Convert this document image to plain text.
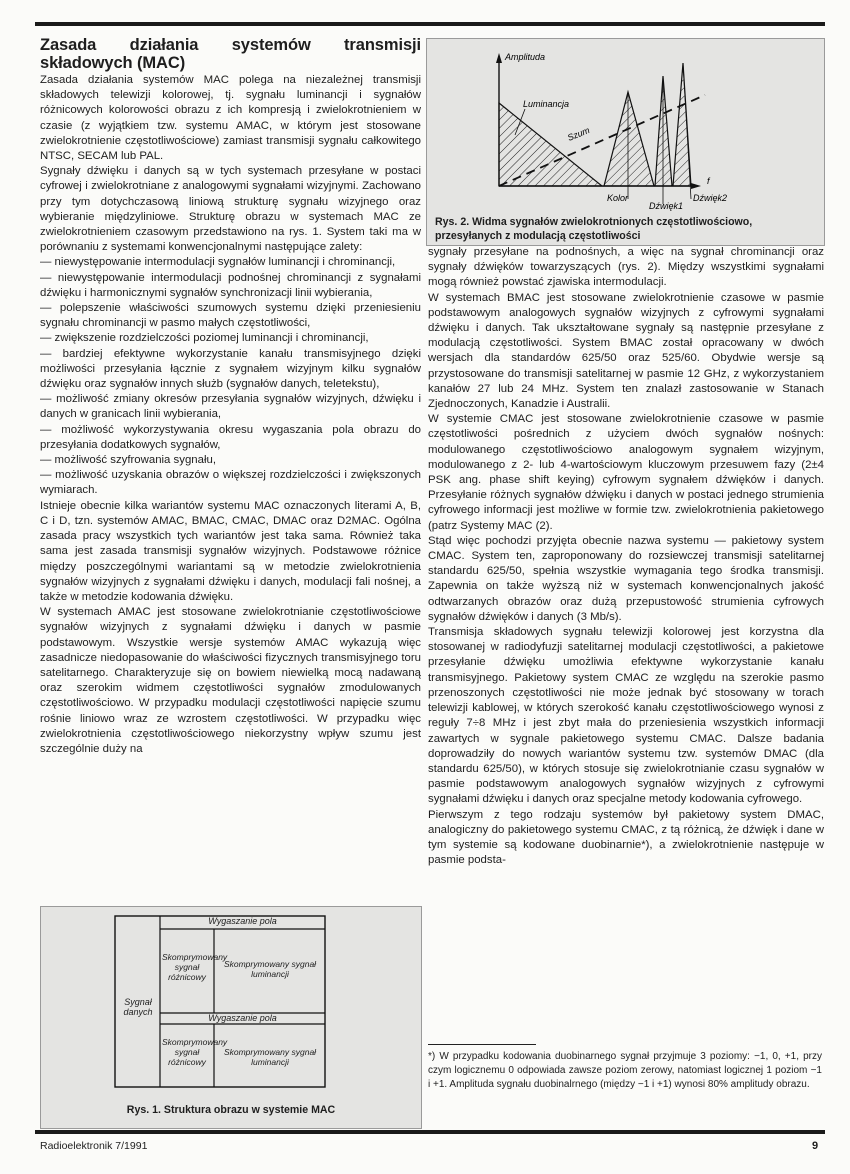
Zasada działania systemów transmisji składowych (MAC)

Zasada działania systemów MAC polega na niezależnej transmisji składowych telewizji kolorowej, tj. sygnału luminancji i sygnałów różnicowych kolorowości obrazu z ich kompresją i zwielokrotnieniem w czasie (z wyjątkiem tzw. systemu AMAC, w którym jest stosowane zwielokrotnienie częstotliwościowe) zamiast transmisji sygnału całkowitego NTSC, SECAM lub PAL.

Sygnały dźwięku i danych są w tych systemach przesyłane w postaci cyfrowej i zwielokrotniane z analogowymi sygnałami wizyjnymi. Zachowano przy tym dotychczasową liniową strukturę sygnału wizyjnego oraz wybieranie międzyliniowe. Strukturę obrazu w systemach MAC ze zwielokrotnieniem czasowym przedstawiono na rys. 1. System taki ma w porównaniu z systemami konwencjonalnymi następujące zalety:

— niewystępowanie intermodulacji sygnałów luminancji i chrominancji,

— niewystępowanie intermodulacji podnośnej chrominancji z sygnałami dźwięku i harmonicznymi sygnałów synchronizacji linii wybierania,

— polepszenie właściwości szumowych systemu dzięki przeniesieniu sygnału chrominancji w pasmo małych częstotliwości,

— zwiększenie rozdzielczości poziomej luminancji i chrominancji,

— bardziej efektywne wykorzystanie kanału transmisyjnego dzięki możliwości przesyłania łącznie z sygnałem wizyjnym kilku sygnałów dźwięku oraz sygnałów innych służb (sygnałów danych, teletekstu),

— możliwość zmiany okresów przesyłania sygnałów wizyjnych, dźwięku i danych w granicach linii wybierania,

— możliwość wykorzystywania okresu wygaszania pola obrazu do przesyłania dodatkowych sygnałów,

— możliwość szyfrowania sygnału,

— możliwość uzyskania obrazów o większej rozdzielczości i zwiększonych wymiarach.

Istnieje obecnie kilka wariantów systemu MAC oznaczonych literami A, B, C i D, tzn. systemów AMAC, BMAC, CMAC, DMAC oraz D2MAC. Ogólna zasada pracy wszystkich tych wariantów jest taka sama. Również taka sama jest zasada transmisji sygnałów wizyjnych. Podstawowe różnice między poszczególnymi wariantami są w metodzie zwielokrotnienia sygnałów wizyjnych z sygnałami dźwięku i danych, modulacji fali nośnej, a także w metodzie kodowania dźwięku.

W systemach AMAC jest stosowane zwielokrotnianie częstotliwościowe sygnałów wizyjnych z sygnałami dźwięku i danych w pasmie podstawowym. Wszystkie wersje systemów AMAC wykazują więc zasadnicze niedopasowanie do właściwości fizycznych transmisyjnego toru satelitarnego. Charakteryzuje się on bowiem niewielką mocą nadawaną oraz szerokim widmem częstotliwości sygnałów zmodulowanych częstotliwościowo. W przypadku modulacji częstotliwości napięcie szumu rośnie liniowo wraz ze wzrostem częstotliwości. W przypadku więc zwielokrotnienia częstotliwościowego niekorzystny wpływ szumu jest szczególnie duży na

Amplituda
Luminancja
Szum
Kolor
Dźwięk1
Dźwięk2
f
Rys. 2. Widma sygnałów zwielokrotnionych częstotliwościowo, przesyłanych z modulacją częstotliwości

sygnały przesyłane na podnośnych, a więc na sygnał chrominancji oraz sygnały dźwięków towarzyszących (rys. 2). Między wszystkimi sygnałami mogą również powstać zjawiska intermodulacji.

W systemach BMAC jest stosowane zwielokrotnienie czasowe w pasmie podstawowym analogowych sygnałów wizyjnych z cyfrowymi sygnałami dźwięku i danych. Tak ukształtowane sygnały są następnie przesyłane z modulacją częstotliwości. System BMAC został opracowany w dwóch wersjach dla standardów 625/50 oraz 525/60. Obydwie wersje są przystosowane do transmisji satelitarnej w pasmie 12 GHz, z wykorzystaniem kanałów 27 lub 24 MHz. System ten znalazł zastosowanie w Stanach Zjednoczonych, Kanadzie i Australii.

W systemie CMAC jest stosowane zwielokrotnienie czasowe w pasmie częstotliwości pośrednich z użyciem dwóch sygnałów nośnych: modulowanego częstotliwościowo analogowym sygnałem wizyjnym, modulowanego z 2- lub 4-wartościowym kluczowym przesuwem fazy (2±4 PSK ang. phase shift keying) cyfrowym sygnałem dźwięków i danych. Przesyłanie różnych sygnałów dźwięku i danych w postaci jednego strumienia cyfrowego informacji jest możliwe w formie tzw. zwielokrotnienia pakietowego (patrz Systemy MAC (2).

Stąd więc pochodzi przyjęta obecnie nazwa systemu — pakietowy system CMAC. System ten, zaproponowany do rozsiewczej transmisji satelitarnej standardu 625/50, spełnia wszystkie wymagania tego środka transmisji. Zapewnia on także wyższą niż w systemach konwencjonalnych jakość odtwarzanych obrazów oraz dużą przepustowość strumienia cyfrowych sygnałów dźwięków i danych (3 Mb/s).

Transmisja składowych sygnału telewizji kolorowej jest korzystna dla stosowanej w radiodyfuzji satelitarnej modulacji częstotliwości, a pakietowe przesyłanie dźwięku umożliwia efektywne wykorzystanie kanału transmisyjnego. Pakietowy system CMAC ze względu na szerokie pasmo przenoszonych częstotliwości nie może jednak być stosowany w torach telewizji kablowej, w których szerokość kanału częstotliwościowego wynosi z reguły 7÷8 MHz i jest zbyt mała do przeniesienia wszystkich informacji zawartych w sygnale pakietowego systemu CMAC. Dalsze badania doprowadziły do nowych wariantów systemu tzw. systemów DMAC (dla standardu 625/50), w których stosuje się zwielokrotnianie czasu sygnałów w pasmie podstawowym analogowych sygnałów wizyjnych z cyfrowymi sygnałami dźwięku i danych oraz specjalne metody kodowania cyfrowego.

Pierwszym z tego rodzaju systemów był pakietowy system DMAC, analogiczny do pakietowego systemu CMAC, z tą różnicą, że dźwięk i dane w tym systemie są kodowane duobinarnie*), a zwielokrotnienie następuje w pasmie podsta-

Wygaszanie pola
Wygaszanie pola
Sygnał danych
Skomprymowany sygnał różnicowy
Skomprymowany sygnał luminancji
Skomprymowany sygnał różnicowy
Skomprymowany sygnał luminancji
Rys. 1. Struktura obrazu w systemie MAC
*) W przypadku kodowania duobinarnego sygnał przyjmuje 3 poziomy: −1, 0, +1, przy czym logicznemu 0 odpowiada zawsze poziom zerowy, natomiast logicznej 1 poziom −1 i +1. Amplituda sygnału duobinalrnego (między −1 i +1) wynosi 80% amplitudy obrazu.
Radioelektronik 7/1991	9
